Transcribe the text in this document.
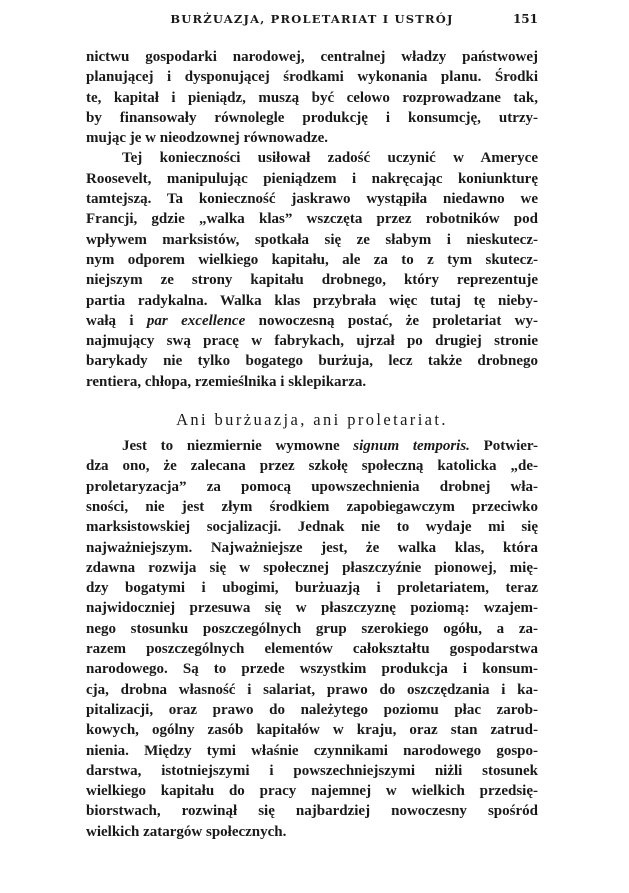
BURŻUAZJA, PROLETARIAT I USTRÓJ	151
nictwu gospodarki narodowej, centralnej władzy państwowej
planującej i dysponującej środkami wykonania planu. Środki
te, kapitał i pieniądz, muszą być celowo rozprowadzane tak,
by finansowały równolegle produkcję i konsumcję, utrzy-
mując je w nieodzownej równowadze.
Tej konieczności usiłował zadość uczynić w Ameryce
Roosevelt, manipulując pieniądzem i nakręcając koniunkturę
tamtejszą. Ta konieczność jaskrawo wystąpiła niedawno we
Francji, gdzie „walka klas” wszczęta przez robotników pod
wpływem marksistów, spotkała się ze słabym i nieskutecz-
nym odporem wielkiego kapitału, ale za to z tym skutecz-
niejszym ze strony kapitału drobnego, który reprezentuje
partia radykalna. Walka klas przybrała więc tutaj tę nieby-
wałą i par excellence nowoczesną postać, że proletariat wy-
najmujący swą pracę w fabrykach, ujrzał po drugiej stronie
barykady nie tylko bogatego burżuja, lecz także drobnego
rentiera, chłopa, rzemieślnika i sklepikarza.
Ani burżuazja, ani proletariat.
Jest to niezmiernie wymowne signum temporis. Potwier-
dza ono, że zalecana przez szkołę społeczną katolicka „de-
proletaryzacja” za pomocą upowszechnienia drobnej wła-
sności, nie jest złym środkiem zapobiegawczym przeciwko
marksistowskiej socjalizacji. Jednak nie to wydaje mi się
najważniejszym. Najważniejsze jest, że walka klas, która
zdawna rozwija się w społecznej płaszczyźnie pionowej, mię-
dzy bogatymi i ubogimi, burżuazją i proletariatem, teraz
najwidoczniej przesuwa się w płaszczyznę poziomą: wzajem-
nego stosunku poszczególnych grup szerokiego ogółu, a za-
razem poszczególnych elementów całokształtu gospodarstwa
narodowego. Są to przede wszystkim produkcja i konsum-
cja, drobna własność i salariat, prawo do oszczędzania i ka-
pitalizacji, oraz prawo do należytego poziomu płac zarob-
kowych, ogólny zasób kapitałów w kraju, oraz stan zatrud-
nienia. Między tymi właśnie czynnikami narodowego gospo-
darstwa, istotniejszymi i powszechniejszymi niżli stosunek
wielkiego kapitału do pracy najemnej w wielkich przedsię-
biorstwach, rozwinął się najbardziej nowoczesny spośród
wielkich zatargów społecznych.
